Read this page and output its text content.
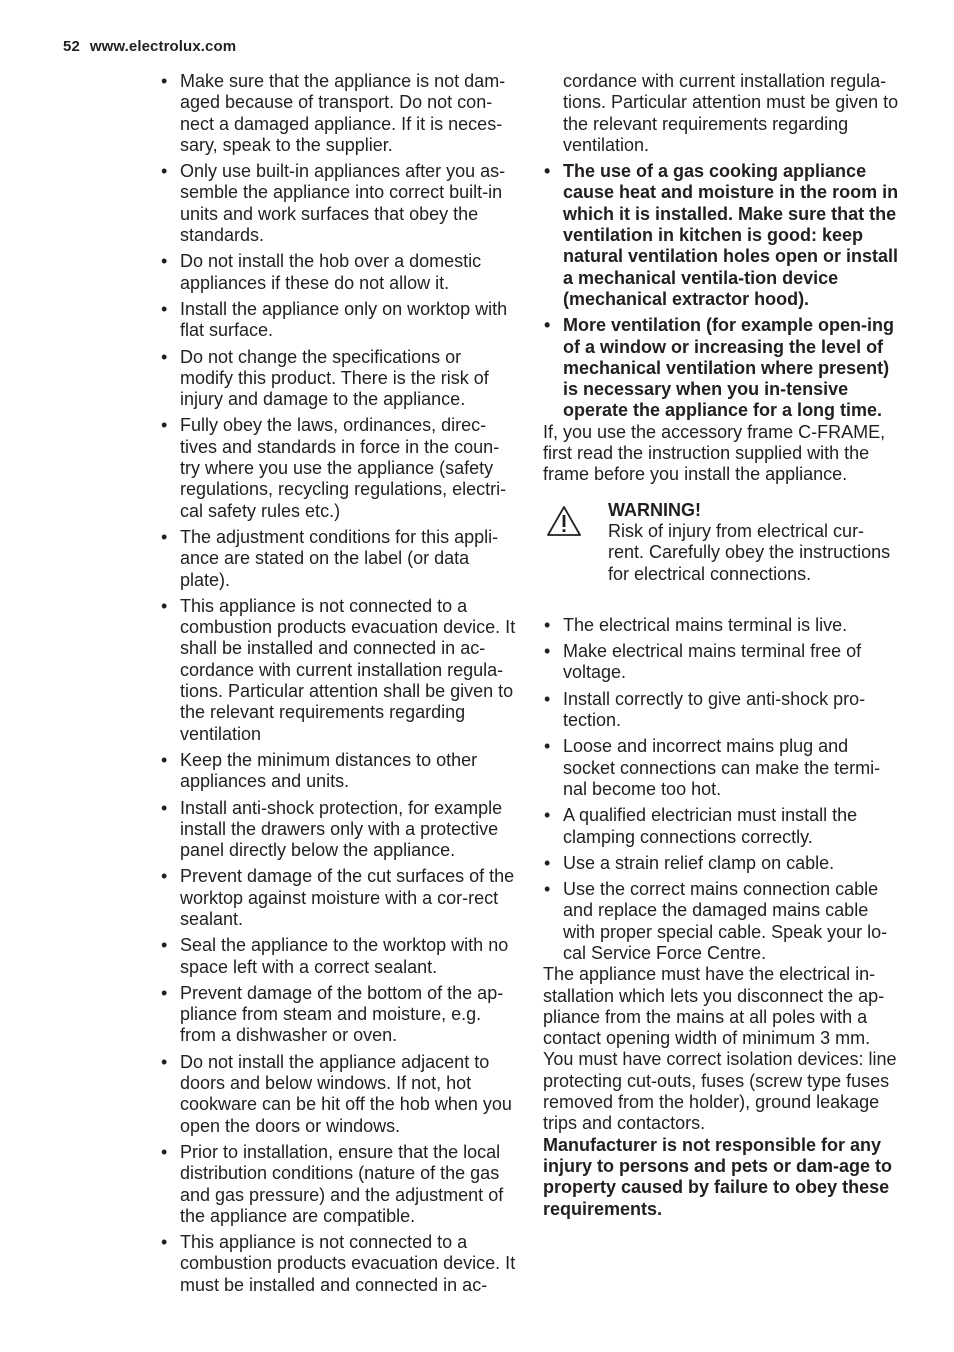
52 www.electrolux.com
• Make sure that the appliance is not dam-aged because of transport. Do not con-nect a damaged appliance. If it is neces-sary, speak to the supplier.
• Only use built-in appliances after you as-semble the appliance into correct built-in units and work surfaces that obey the standards.
• Do not install the hob over a domestic appliances if these do not allow it.
• Install the appliance only on worktop with flat surface.
• Do not change the specifications or modify this product. There is the risk of injury and damage to the appliance.
• Fully obey the laws, ordinances, direc-tives and standards in force in the coun-try where you use the appliance (safety regulations, recycling regulations, electri-cal safety rules etc.)
• The adjustment conditions for this appli-ance are stated on the label (or data plate).
• This appliance is not connected to a combustion products evacuation device. It shall be installed and connected in ac-cordance with current installation regula-tions. Particular attention shall be given to the relevant requirements regarding ventilation
• Keep the minimum distances to other appliances and units.
• Install anti-shock protection, for example install the drawers only with a protective panel directly below the appliance.
• Prevent damage of the cut surfaces of the worktop against moisture with a cor-rect sealant.
• Seal the appliance to the worktop with no space left with a correct sealant.
• Prevent damage of the bottom of the ap-pliance from steam and moisture, e.g. from a dishwasher or oven.
• Do not install the appliance adjacent to doors and below windows. If not, hot cookware can be hit off the hob when you open the doors or windows.
• Prior to installation, ensure that the local distribution conditions (nature of the gas and gas pressure) and the adjustment of the appliance are compatible.
• This appliance is not connected to a combustion products evacuation device. It must be installed and connected in ac-

cordance with current installation regula-tions. Particular attention must be given to the relevant requirements regarding ventilation.

• The use of a gas cooking appliance cause heat and moisture in the room in which it is installed. Make sure that the ventilation in kitchen is good: keep natural ventilation holes open or install a mechanical ventila-tion device (mechanical extractor hood).
• More ventilation (for example open-ing of a window or increasing the level of mechanical ventilation where present) is necessary when you in-tensive operate the appliance for a long time.

If, you use the accessory frame C-FRAME, first read the instruction supplied with the frame before you install the appliance.

WARNING!
Risk of injury from electrical cur-rent. Carefully obey the instructions for electrical connections.
• The electrical mains terminal is live.
• Make electrical mains terminal free of voltage.
• Install correctly to give anti-shock pro-tection.
• Loose and incorrect mains plug and socket connections can make the termi-nal become too hot.
• A qualified electrician must install the clamping connections correctly.
• Use a strain relief clamp on cable.
• Use the correct mains connection cable and replace the damaged mains cable with proper special cable. Speak your lo-cal Service Force Centre.

The appliance must have the electrical in-stallation which lets you disconnect the ap-pliance from the mains at all poles with a contact opening width of minimum 3 mm. You must have correct isolation devices: line protecting cut-outs, fuses (screw type fuses removed from the holder), ground leakage trips and contactors.

Manufacturer is not responsible for any injury to persons and pets or dam-age to property caused by failure to obey these requirements.
